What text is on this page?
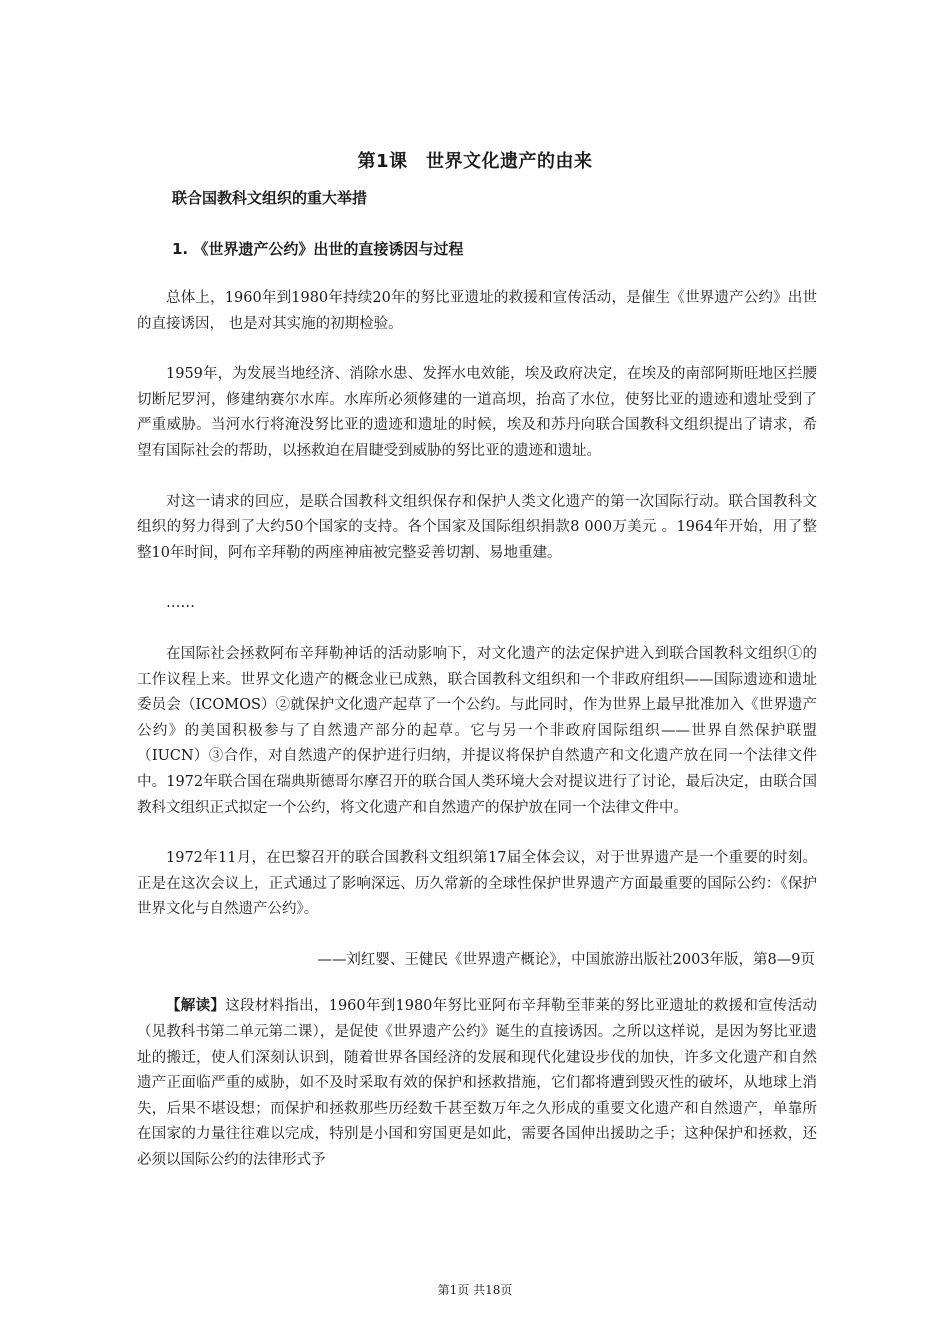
第1课　世界文化遗产的由来
联合国教科文组织的重大举措
1. 《世界遗产公约》出世的直接诱因与过程

总体上，1960年到1980年持续20年的努比亚遗址的救援和宣传活动，是催生《世界遗产公约》出世的直接诱因， 也是对其实施的初期检验。

1959年，为发展当地经济、消除水患、发挥水电效能，埃及政府决定，在埃及的南部阿斯旺地区拦腰切断尼罗河，修建纳赛尔水库。水库所必须修建的一道高坝，抬高了水位，使努比亚的遗迹和遗址受到了严重威胁。当河水行将淹没努比亚的遗迹和遗址的时候，埃及和苏丹向联合国教科文组织提出了请求，希望有国际社会的帮助，以拯救迫在眉睫受到威胁的努比亚的遗迹和遗址。

对这一请求的回应，是联合国教科文组织保存和保护人类文化遗产的第一次国际行动。联合国教科文组织的努力得到了大约50个国家的支持。各个国家及国际组织捐款8 000万美元 。1964年开始，用了整整10年时间，阿布辛拜勒的两座神庙被完整妥善切割、易地重建。

……

在国际社会拯救阿布辛拜勒神话的活动影响下，对文化遗产的法定保护进入到联合国教科文组织①的工作议程上来。世界文化遗产的概念业已成熟，联合国教科文组织和一个非政府组织——国际遗迹和遗址委员会（ICOMOS）②就保护文化遗产起草了一个公约。与此同时，作为世界上最早批准加入《世界遗产公约》的美国积极参与了自然遗产部分的起草。它与另一个非政府国际组织——世界自然保护联盟（IUCN）③合作，对自然遗产的保护进行归纳，并提议将保护自然遗产和文化遗产放在同一个法律文件中。1972年联合国在瑞典斯德哥尔摩召开的联合国人类环境大会对提议进行了讨论，最后决定，由联合国教科文组织正式拟定一个公约，将文化遗产和自然遗产的保护放在同一个法律文件中。

1972年11月，在巴黎召开的联合国教科文组织第17届全体会议，对于世界遗产是一个重要的时刻。正是在这次会议上，正式通过了影响深远、历久常新的全球性保护世界遗产方面最重要的国际公约：《保护世界文化与自然遗产公约》。

——刘红婴、王健民《世界遗产概论》，中国旅游出版社2003年版，第8—9页

【解读】这段材料指出，1960年到1980年努比亚阿布辛拜勒至菲莱的努比亚遗址的救援和宣传活动（见教科书第二单元第二课），是促使《世界遗产公约》诞生的直接诱因。之所以这样说，是因为努比亚遗址的搬迁，使人们深刻认识到，随着世界各国经济的发展和现代化建设步伐的加快，许多文化遗产和自然遗产正面临严重的威胁，如不及时采取有效的保护和拯救措施，它们都将遭到毁灭性的破坏，从地球上消失，后果不堪设想；而保护和拯救那些历经数千甚至数万年之久形成的重要文化遗产和自然遗产，单靠所在国家的力量往往难以完成，特别是小国和穷国更是如此，需要各国伸出援助之手；这种保护和拯救，还必须以国际公约的法律形式予

第1页 共18页
